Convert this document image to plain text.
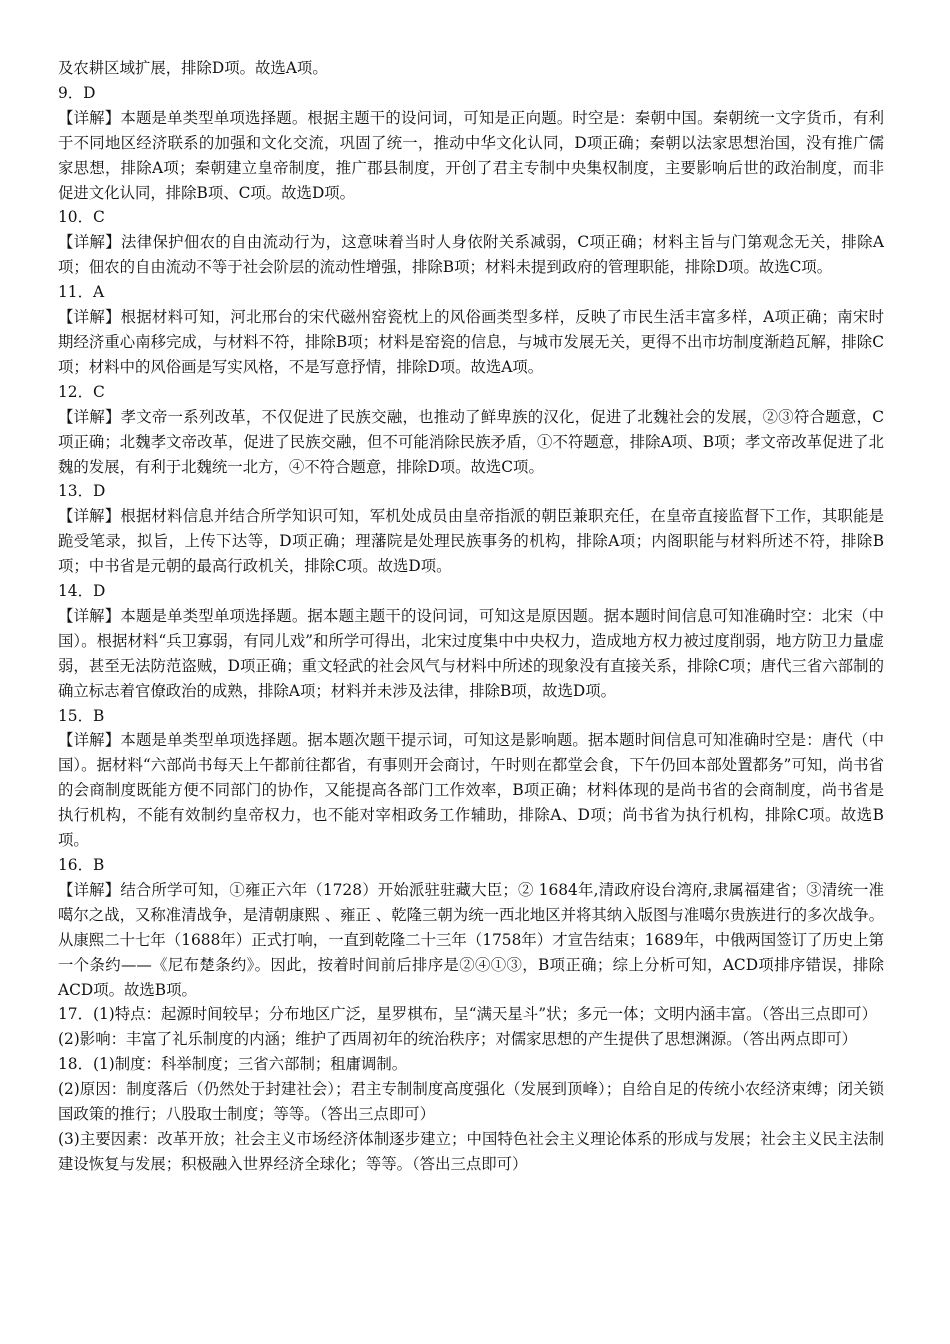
及农耕区域扩展，排除D项。故选A项。
9．D
【详解】本题是单类型单项选择题。根据主题干的设问词，可知是正向题。时空是：秦朝中国。秦朝统一文字货币，有利于不同地区经济联系的加强和文化交流，巩固了统一，推动中华文化认同，D项正确；秦朝以法家思想治国，没有推广儒家思想，排除A项；秦朝建立皇帝制度，推广郡县制度，开创了君主专制中央集权制度，主要影响后世的政治制度，而非促进文化认同，排除B项、C项。故选D项。
10．C
【详解】法律保护佃农的自由流动行为，这意味着当时人身依附关系减弱，C项正确；材料主旨与门第观念无关，排除A项；佃农的自由流动不等于社会阶层的流动性增强，排除B项；材料未提到政府的管理职能，排除D项。故选C项。
11．A
【详解】根据材料可知，河北邢台的宋代磁州窑瓷枕上的风俗画类型多样，反映了市民生活丰富多样，A项正确；南宋时期经济重心南移完成，与材料不符，排除B项；材料是窑瓷的信息，与城市发展无关，更得不出市坊制度渐趋瓦解，排除C项；材料中的风俗画是写实风格，不是写意抒情，排除D项。故选A项。
12．C
【详解】孝文帝一系列改革，不仅促进了民族交融，也推动了鲜卑族的汉化，促进了北魏社会的发展，②③符合题意，C项正确；北魏孝文帝改革，促进了民族交融，但不可能消除民族矛盾，①不符题意，排除A项、B项；孝文帝改革促进了北魏的发展，有利于北魏统一北方，④不符合题意，排除D项。故选C项。
13．D
【详解】根据材料信息并结合所学知识可知，军机处成员由皇帝指派的朝臣兼职充任，在皇帝直接监督下工作，其职能是跪受笔录，拟旨，上传下达等，D项正确；理藩院是处理民族事务的机构，排除A项；内阁职能与材料所述不符，排除B项；中书省是元朝的最高行政机关，排除C项。故选D项。
14．D
【详解】本题是单类型单项选择题。据本题主题干的设问词，可知这是原因题。据本题时间信息可知准确时空：北宋（中国）。根据材料“兵卫寡弱，有同儿戏”和所学可得出，北宋过度集中中央权力，造成地方权力被过度削弱，地方防卫力量虚弱，甚至无法防范盗贼，D项正确；重文轻武的社会风气与材料中所述的现象没有直接关系，排除C项；唐代三省六部制的确立标志着官僚政治的成熟，排除A项；材料并未涉及法律，排除B项，故选D项。
15．B
【详解】本题是单类型单项选择题。据本题次题干提示词，可知这是影响题。据本题时间信息可知准确时空是：唐代（中国）。据材料“六部尚书每天上午都前往都省，有事则开会商讨，午时则在都堂会食，下午仍回本部处置都务”可知，尚书省的会商制度既能方便不同部门的协作，又能提高各部门工作效率，B项正确；材料体现的是尚书省的会商制度，尚书省是执行机构，不能有效制约皇帝权力，也不能对宰相政务工作辅助，排除A、D项；尚书省为执行机构，排除C项。故选B项。
16．B
【详解】结合所学可知，①雍正六年（1728）开始派驻驻藏大臣；② 1684年,清政府设台湾府,隶属福建省；③清统一准噶尔之战，又称准清战争，是清朝康熙 、雍正 、乾隆三朝为统一西北地区并将其纳入版图与准噶尔贵族进行的多次战争。从康熙二十七年（1688年）正式打响，一直到乾隆二十三年（1758年）才宣告结束；1689年，中俄两国签订了历史上第一个条约——《尼布楚条约》。因此，按着时间前后排序是②④①③，B项正确；综上分析可知，ACD项排序错误，排除ACD项。故选B项。
17．(1)特点：起源时间较早；分布地区广泛，星罗棋布，呈“满天星斗”状；多元一体；文明内涵丰富。（答出三点即可）
(2)影响：丰富了礼乐制度的内涵；维护了西周初年的统治秩序；对儒家思想的产生提供了思想渊源。（答出两点即可）
18．(1)制度：科举制度；三省六部制；租庸调制。
(2)原因：制度落后（仍然处于封建社会）；君主专制制度高度强化（发展到顶峰）；自给自足的传统小农经济束缚；闭关锁国政策的推行；八股取士制度；等等。（答出三点即可）
(3)主要因素：改革开放；社会主义市场经济体制逐步建立；中国特色社会主义理论体系的形成与发展；社会主义民主法制建设恢复与发展；积极融入世界经济全球化；等等。（答出三点即可）
